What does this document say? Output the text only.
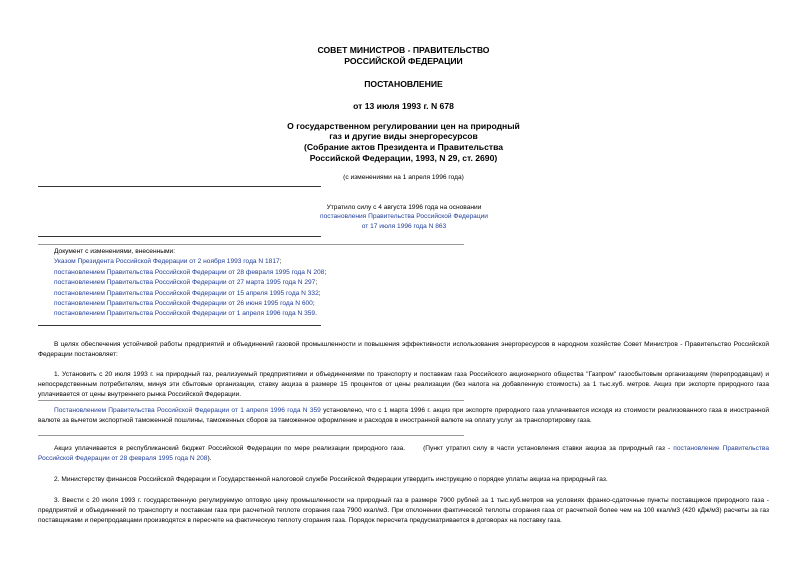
СОВЕТ МИНИСТРОВ - ПРАВИТЕЛЬСТВО
РОССИЙСКОЙ ФЕДЕРАЦИИ
ПОСТАНОВЛЕНИЕ
от 13 июля 1993 г. N 678
О государственном регулировании цен на природный
газ и другие виды энергоресурсов
(Собрание актов Президента и Правительства
Российской Федерации, 1993, N 29, ст. 2690)
(с изменениями на 1 апреля 1996 года)
Утратило силу с 4 августа 1996 года на основании
постановления Правительства Российской Федерации
от 17 июля 1996 года N 863
Документ с изменениями, внесенными:
Указом Президента Российской Федерации от 2 ноября 1993 года N 1817;
постановлением Правительства Российской Федерации от 28 февраля 1995 года N 208;
постановлением Правительства Российской Федерации от 27 марта 1995 года N 297;
постановлением Правительства Российской Федерации от 15 апреля 1995 года N 332;
постановлением Правительства Российской Федерации от 26 июня 1995 года N 600;
постановлением Правительства Российской Федерации от 1 апреля 1996 года N 359.
В целях обеспечения устойчивой работы предприятий и объединений газовой промышленности и повышения эффективности использования энергоресурсов в народном хозяйстве Совет Министров - Правительство Российской Федерации постановляет:
1. Установить с 20 июля 1993 г. на природный газ, реализуемый предприятиями и объединениями по транспорту и поставкам газа Российского акционерного общества "Газпром" газосбытовым организациям (перепродавцам) и непосредственным потребителям, минуя эти сбытовые организации, ставку акциза в размере 15 процентов от цены реализации (без налога на добавленную стоимость) за 1 тыс.куб. метров. Акциз при экспорте природного газа уплачивается от цены внутреннего рынка Российской Федерации.
Постановлением Правительства Российской Федерации от 1 апреля 1996 года N 359 установлено, что с 1 марта 1996 г. акциз при экспорте природного газа уплачивается исходя из стоимости реализованного газа в иностранной валюте за вычетом экспортной таможенной пошлины, таможенных сборов за таможенное оформление и расходов в иностранной валюте на оплату услуг за транспортировку газа.
Акциз уплачивается в республиканский бюджет Российской Федерации по мере реализации природного газа.	(Пункт утратил силу в части установления ставки акциза за природный газ - постановление Правительства Российской Федерации от 28 февраля 1995 года N 208).
2. Министерству финансов Российской Федерации и Государственной налоговой службе Российской Федерации утвердить инструкцию о порядке уплаты акциза на природный газ.
3. Ввести с 20 июля 1993 г. государственную регулируемую оптовую цену промышленности на природный газ в размере 7900 рублей за 1 тыс.куб.метров на условиях франко-сдаточные пункты поставщиков природного газа - предприятий и объединений по транспорту и поставкам газа при расчетной теплоте сгорания газа 7900 ккал/м3. При отклонении фактической теплоты сгорания газа от расчетной более чем на 100 ккал/м3 (420 кДж/м3) расчеты за газ поставщиками и перепродавцами производятся в пересчете на фактическую теплоту сгорания газа. Порядок пересчета предусматривается в договорах на поставку газа.
